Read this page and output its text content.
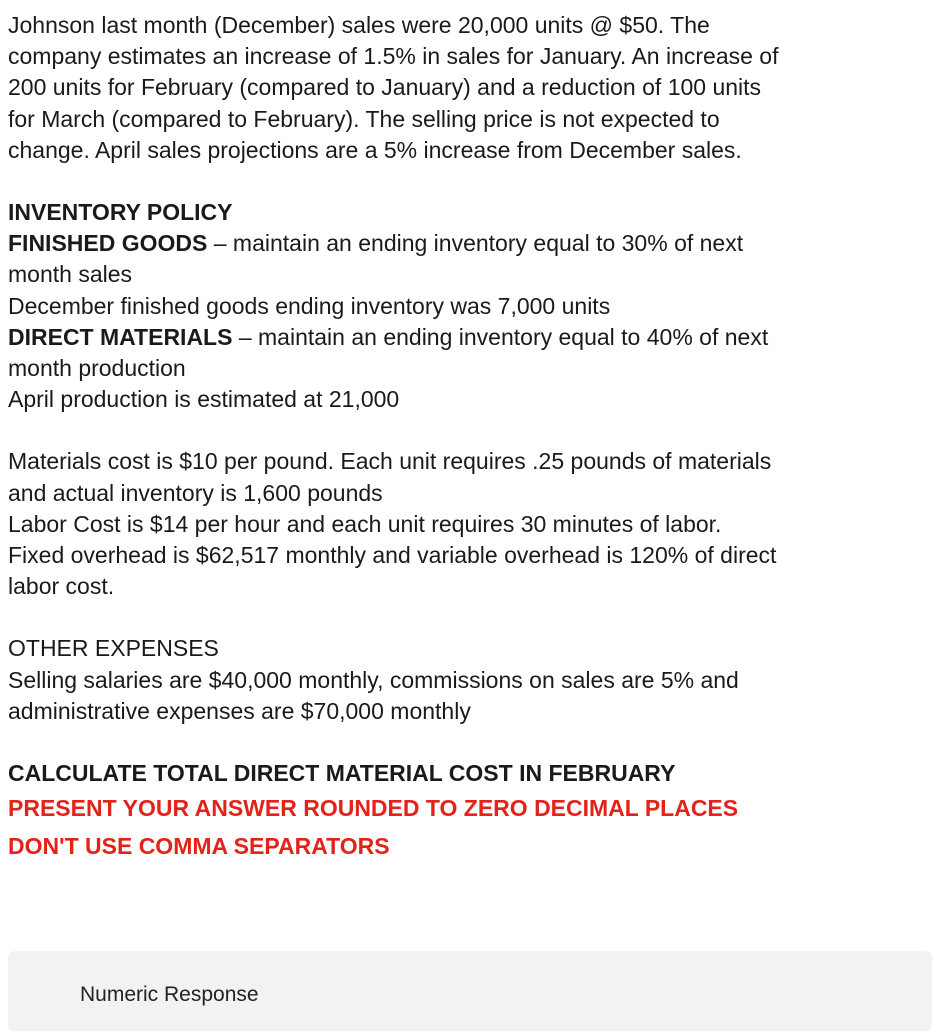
Johnson last month (December) sales were 20,000 units @ $50. The

company estimates an increase of 1.5% in sales for January. An increase of

200 units for February (compared to January) and a reduction of 100 units

for March (compared to February). The selling price is not expected to

change. April sales projections are a 5% increase from December sales.

INVENTORY POLICY

FINISHED GOODS – maintain an ending inventory equal to 30% of next

month sales

December finished goods ending inventory was 7,000 units

DIRECT MATERIALS – maintain an ending inventory equal to 40% of next

month production

April production is estimated at 21,000

Materials cost is $10 per pound. Each unit requires .25 pounds of materials

and actual inventory is 1,600 pounds

Labor Cost is $14 per hour and each unit requires 30 minutes of labor.

Fixed overhead is $62,517 monthly and variable overhead is 120% of direct

labor cost.

OTHER EXPENSES

Selling salaries are $40,000 monthly, commissions on sales are 5% and

administrative expenses are $70,000 monthly

CALCULATE TOTAL DIRECT MATERIAL COST IN FEBRUARY

PRESENT YOUR ANSWER ROUNDED TO ZERO DECIMAL PLACES

DON'T USE COMMA SEPARATORS

Numeric Response
